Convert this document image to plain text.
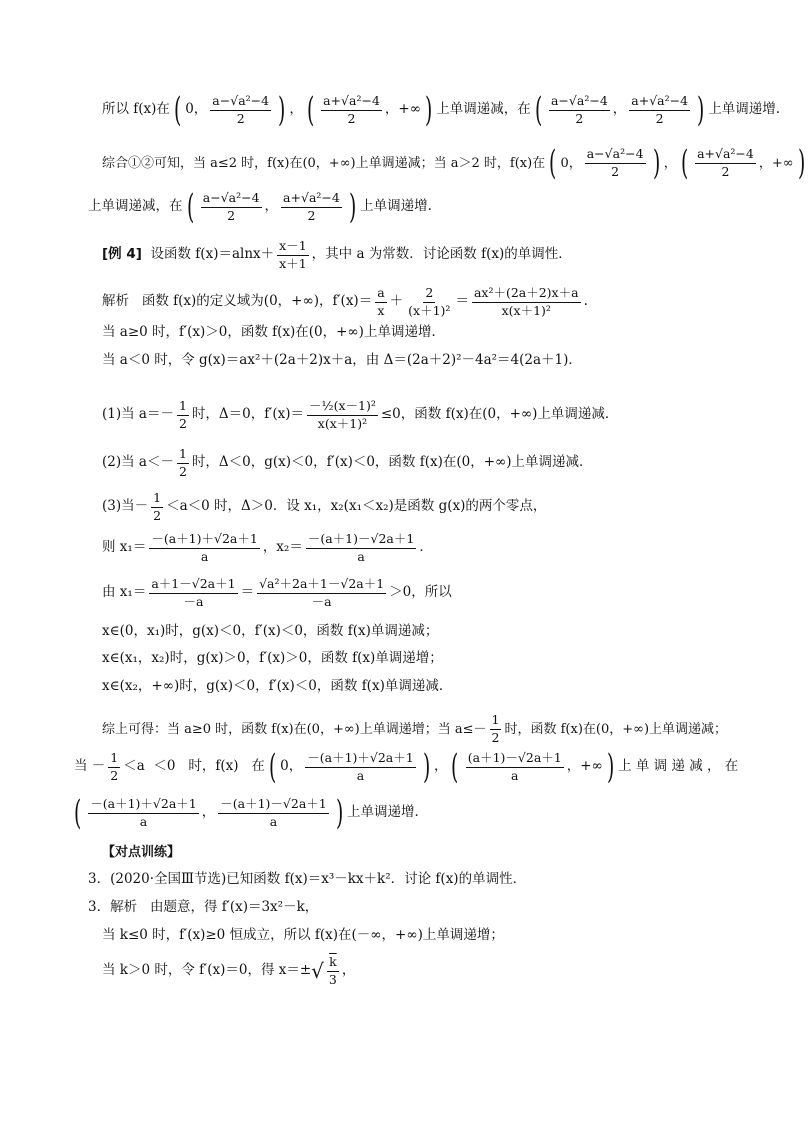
所以 f(x)在 ( 0， $\frac{\text{a−√a²−4}}{2}$ ) ， ( $\frac{\text{a+√a²−4}}{2}$ ，+∞ ) 上单调递减，在 ( $\frac{\text{a−√a²−4}}{2}$ ， $\frac{\text{a+√a²−4}}{2}$ ) 上单调递增.
综合①②可知，当 a≤2 时，f(x)在(0，+∞)上单调递减；当 a＞2 时，f(x)在 ( 0， $\frac{\text{a−√a²−4}}{2}$ ) ， ( $\frac{\text{a+√a²−4}}{2}$ ，+∞ )
上单调递减，在 ( $\frac{\text{a−√a²−4}}{2}$ ， $\frac{\text{a+√a²−4}}{2}$ ) 上单调递增.
[例 4] 设函数 $f(x)=alnx+ \frac{x-1}{x+1}$ ，其中 a 为常数．讨论函数 f(x)的单调性．
解析   函数 f(x)的定义域为(0，+∞)，$f'(x)= \frac{a}{x} + \frac{2}{\text{(x＋1)²}} = \frac{\text{ax²＋(2a＋2)x＋a}}{\text{x(x＋1)²}}$ .
当 a≥0 时，f′(x)＞0，函数 f(x)在(0，+∞)上单调递增．
当 a＜0 时，令 g(x)＝ax²＋(2a＋2)x＋a，由 Δ＝(2a＋2)²－4a²＝4(2a＋1)．
(1)当 $a=- \frac{1}{2}$ 时，Δ＝0，$f'(x)= \frac{\text{－½(x－1)²}}{\text{x(x＋1)²}} \le 0$，函数 f(x)在(0，+∞)上单调递减．
(2)当 $a<- \frac{1}{2}$ 时，Δ＜0，g(x)＜0，f′(x)＜0，函数 f(x)在(0，+∞)上单调递减．
(3)当－ $\frac{1}{2} <a<0$ 时，Δ＞0．设 x₁，x₂(x₁＜x₂)是函数 g(x)的两个零点，
则 $x_1= \frac{-(a+1)+√2a+1}{a}$ ，$x_2= \frac{-(a+1)-√2a+1}{a}$ ．
由 $x_1= \frac{a+1-√2a+1}{-a} = \frac{\text{√a²＋2a＋1－√2a＋1}}{-a} >0$，所以
x∈(0，x₁)时，g(x)＜0，f′(x)＜0，函数 f(x)单调递减；
x∈(x₁，x₂)时，g(x)＞0，f′(x)＞0，函数 f(x)单调递增；
x∈(x₂，+∞)时，g(x)＜0，f′(x)＜0，函数 f(x)单调递减．
综上可得：当 a≥0 时，函数 f(x)在(0，+∞)上单调递增；当 $a\le- \frac{1}{2}$ 时，函数 f(x)在(0，+∞)上单调递减；
当 － $\frac{1}{2} <a <0$   时，f(x)   在 ( 0， $\frac{-(a+1)+√2a+1}{a}$ ) ， ( $\frac{(a+1)-√2a+1}{a}$ ，+∞ ) 上 单 调 递 减 ， 在
( $\frac{-(a+1)+√2a+1}{a}$ ， $\frac{-(a+1)-√2a+1}{a}$ ) 上单调递增．
【对点训练】
3．(2020·全国Ⅲ节选)已知函数 f(x)＝x³－kx＋k²．讨论 f(x)的单调性．
3．解析   由题意，得 f′(x)＝3x²－k，
当 k≤0 时，f′(x)≥0 恒成立，所以 f(x)在(－∞，+∞)上单调递增；
当 k＞0 时，令 f′(x)＝0，得 x＝± √ $\frac{k}{3}$ ，
